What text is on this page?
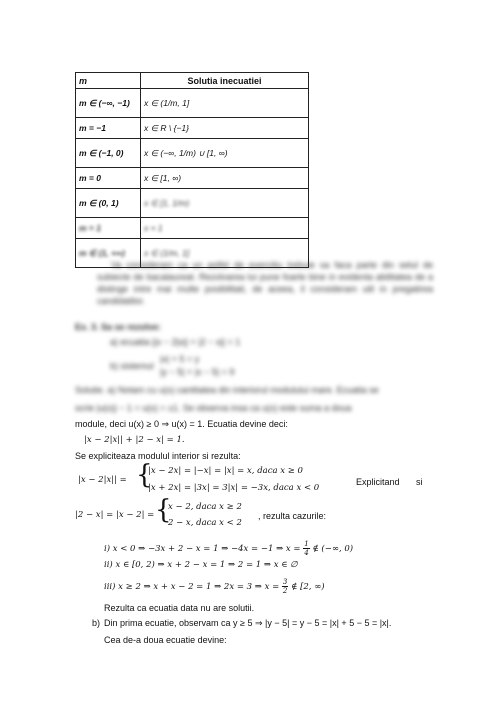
m	Solutia inecuatiei
m ∈ (−∞, −1)	x ∈ (1/m, 1]
m = −1	x ∈ R \ {−1}
m ∈ (−1, 0)	x ∈ (−∞, 1/m) ∪ [1, ∞)
m = 0	x ∈ [1, ∞)
m ∈ (0, 1)	x ∈ [1, 1/m)
m = 1	x = 1
m ∈ (1, +∞)	x ∈ (1/m, 1]
Va consideram ca un astfel de exercitiu trebuie sa faca parte din setul de subiecte de bacalaureat. Rezolvarea lui pune foarte bine in evidenta abilitatea de a distinge intre mai multe posibilitati, de aceea, il consideram util in pregatirea candidatilor.
Ex. 3. Sa se rezolve:
a) ecuatia ||x − 2|x|| + |2 − x|| = 1
b) sistemul
|x| + 5 = y
|y − 5| + |x − 5| = 9
Solutie. a) Notam cu u(x) cantitatea din interiorul modulului mare. Ecuatia se
scrie |u(x)| − 1 = u(x) = ±1. Se observa insa ca u(x) este suma a doua
module, deci u(x) ≥ 0 ⇒ u(x) = 1. Ecuatia devine deci:
|x − 2|x|| + |2 − x| = 1.
Se expliciteaza modulul interior si rezulta:
|x − 2|x|| = {
|x − 2x| = |−x| = |x| = x, daca x ≥ 0
|x + 2x| = |3x| = 3|x| = −3x, daca x < 0
Explicitand si
|2 − x| = |x − 2| = {
x − 2, daca x ≥ 2
2 − x, daca x < 2
, rezulta cazurile:
i) x < 0 ⇒ −3x + 2 − x = 1 ⇒ −4x = −1 ⇒ $x = \frac{1}{4}$ ∉ (−∞, 0)
ii) x ∈ [0, 2) ⇒ x + 2 − x = 1 ⇒ 2 = 1 ⇒ x ∈ ∅
iii) x ≥ 2 ⇒ x + x − 2 = 1 ⇒ 2x = 3 ⇒ $x = \frac{3}{2}$ ∉ [2, ∞)
Rezulta ca ecuatia data nu are solutii.
b) Din prima ecuatie, observam ca y ≥ 5 ⇒ |y − 5| = y − 5 = |x| + 5 − 5 = |x|.
Cea de-a doua ecuatie devine:
